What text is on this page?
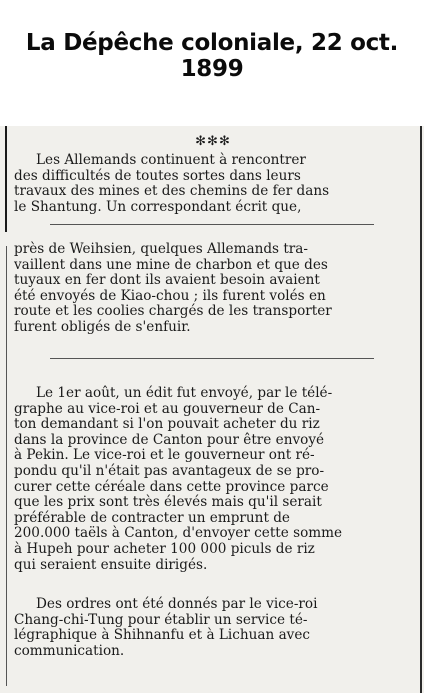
La Dépêche coloniale, 22 oct. 1899
✻✻✻
Les Allemands continuent à rencontrer
des difficultés de toutes sortes dans leurs
travaux des mines et des chemins de fer dans
le Shantung. Un correspondant écrit que,
près de Weihsien, quelques Allemands tra-
vaillent dans une mine de charbon et que des
tuyaux en fer dont ils avaient besoin avaient
été envoyés de Kiao-chou ; ils furent volés en
route et les coolies chargés de les transporter
furent obligés de s'enfuir.
Le 1er août, un édit fut envoyé, par le télé-
graphe au vice-roi et au gouverneur de Can-
ton demandant si l'on pouvait acheter du riz
dans la province de Canton pour être envoyé
à Pekin. Le vice-roi et le gouverneur ont ré-
pondu qu'il n'était pas avantageux de se pro-
curer cette céréale dans cette province parce
que les prix sont très élevés mais qu'il serait
préférable de contracter un emprunt de
200.000 taëls à Canton, d'envoyer cette somme
à Hupeh pour acheter 100 000 piculs de riz
qui seraient ensuite dirigés.
Des ordres ont été donnés par le vice-roi
Chang-chi-Tung pour établir un service té-
légraphique à Shihnanfu et à Lichuan avec
communication.
